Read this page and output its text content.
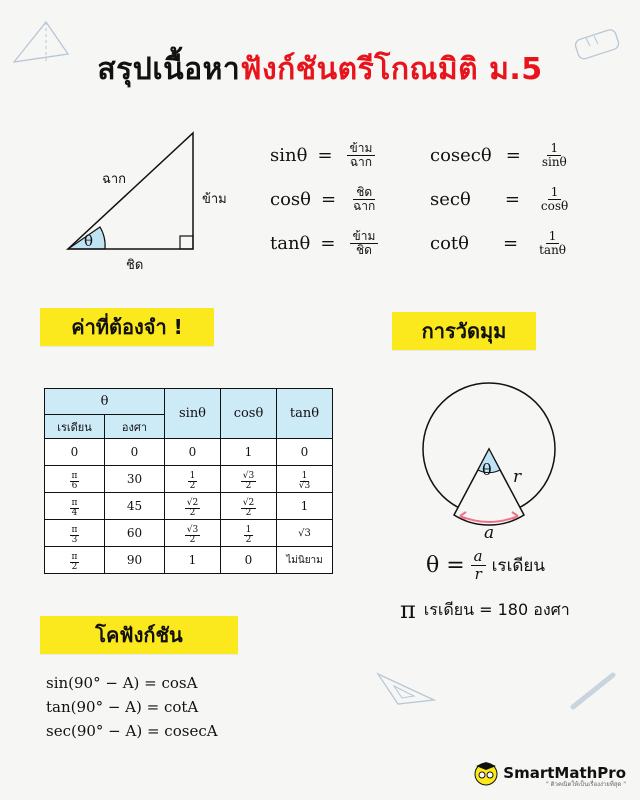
สรุปเนื้อหาฟังก์ชันตรีโกณมิติ ม.5
θ
ฉาก
ข้าม
ชิด
$\sin\theta = \frac{\text{ข้าม}}{\text{ฉาก}}$
$\cos\theta = \frac{\text{ชิด}}{\text{ฉาก}}$
$\tan\theta = \frac{\text{ข้าม}}{\text{ชิด}}$
$cosec\theta = \frac{1}{\sin\theta}$
$\sec\theta = \frac{1}{\cos\theta}$
$\cot\theta = \frac{1}{\tan\theta}$
ค่าที่ต้องจำ !	การวัดมุม
โคฟังก์ชัน
θ		sinθ	cosθ	tanθ
เรเดียน	องศา			
0	0	0	1	0

$\frac{\pi}{6}$	30	$\frac{1}{2}$	$\frac{√3}{2}$	$\frac{1}{√3}$

$\frac{\pi}{4}$	45	$\frac{√2}{2}$	$\frac{√2}{2}$	1

$\frac{\pi}{3}$	60	$\frac{√3}{2}$	$\frac{1}{2}$	√3

$\frac{\pi}{2}$	90	1	0	ไม่นิยาม
θ r
a
$\theta = \frac{a}{r}$ เรเดียน
π เรเดียน = 180 องศา
sin(90° − A) = cosA
tan(90° − A) = cotA
sec(90° − A) = cosecA
SmartMathPro
" ติวคณิตให้เป็นเรื่องง่ายที่สุด "
